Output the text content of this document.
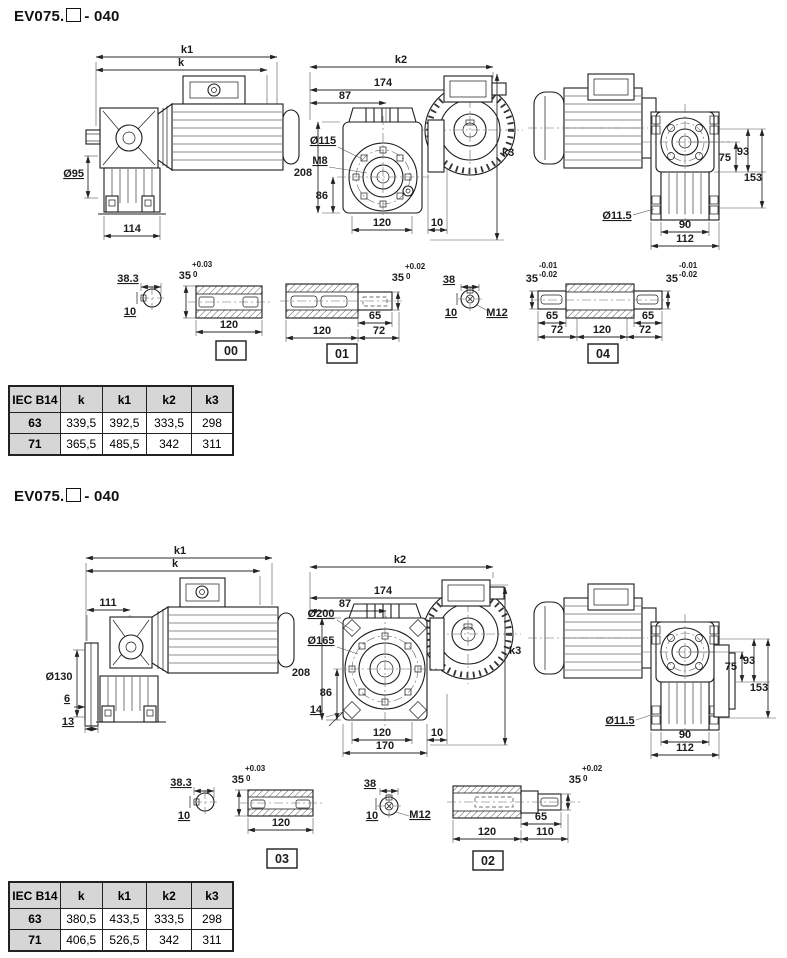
EV075. - 040
EV075. - 040
k1
k
Ø95
114
k2
174
87
Ø115
M8
208
86
120	10
k3	75 93
153
Ø11.5
90
112
38.3
10
35
+0.03
0
120
00
35
+0.02
0
65
120	72
01
38
10	M12
35
-0.01
-0.02	35
-0.01
-0.02
65	65
72	120	72
04
k1
k
111
Ø130
6
13
k2
174
87
Ø200
Ø165
208
86
14
120
170
10
k3
75 93
153
Ø11.5
90
112
38.3
10
35
+0.03
0
120
03
38
10	M12
35
+0.02
0
65
120	110
02
IEC B14	k	k1	k2	k3
63	339,5	392,5	333,5	298
71	365,5	485,5	342	311
IEC B14	k	k1	k2	k3
63	380,5	433,5	333,5	298
71	406,5	526,5	342	311
